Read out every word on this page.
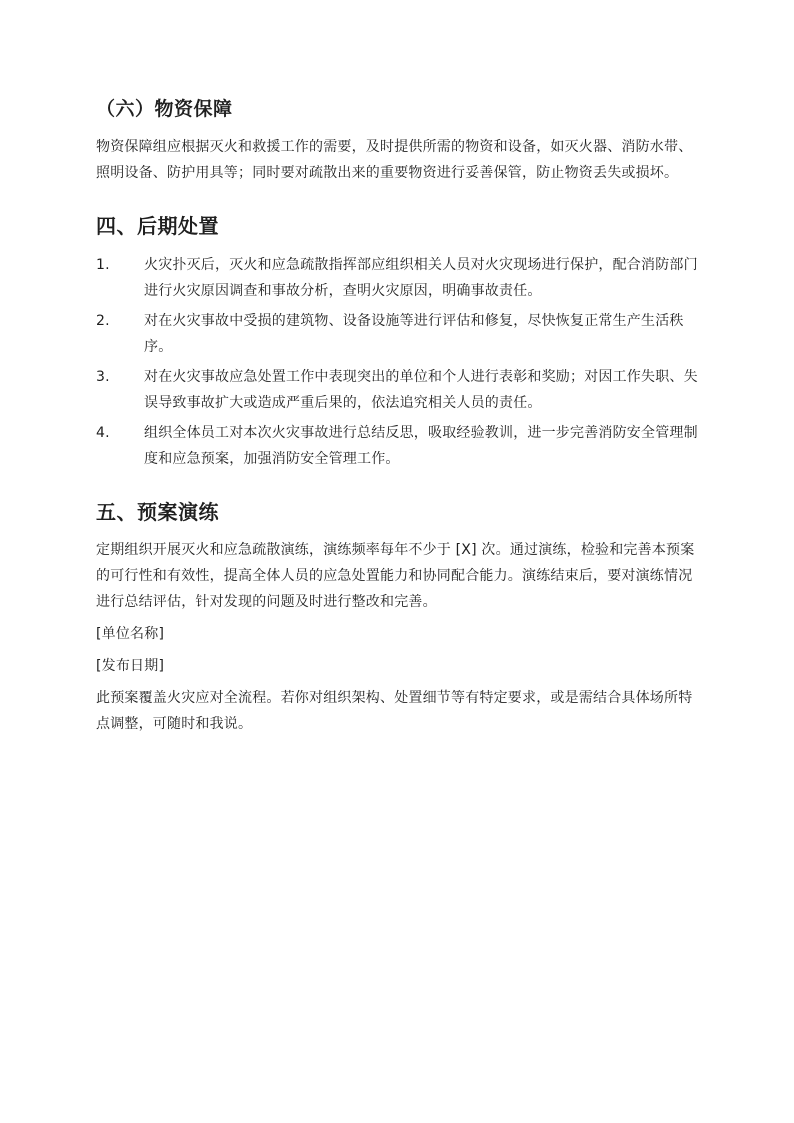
（六）物资保障

物资保障组应根据灭火和救援工作的需要，及时提供所需的物资和设备，如灭火器、消防水带、照明设备、防护用具等；同时要对疏散出来的重要物资进行妥善保管，防止物资丢失或损坏。

四、后期处置
1.	火灾扑灭后，灭火和应急疏散指挥部应组织相关人员对火灾现场进行保护，配合消防部门进行火灾原因调查和事故分析，查明火灾原因，明确事故责任。
2.	对在火灾事故中受损的建筑物、设备设施等进行评估和修复，尽快恢复正常生产生活秩序。
3.	对在火灾事故应急处置工作中表现突出的单位和个人进行表彰和奖励；对因工作失职、失误导致事故扩大或造成严重后果的，依法追究相关人员的责任。
4.	组织全体员工对本次火灾事故进行总结反思，吸取经验教训，进一步完善消防安全管理制度和应急预案，加强消防安全管理工作。
五、预案演练

定期组织开展灭火和应急疏散演练，演练频率每年不少于 [X] 次。通过演练，检验和完善本预案的可行性和有效性，提高全体人员的应急处置能力和协同配合能力。演练结束后，要对演练情况进行总结评估，针对发现的问题及时进行整改和完善。

[单位名称]

[发布日期]

此预案覆盖火灾应对全流程。若你对组织架构、处置细节等有特定要求，或是需结合具体场所特点调整，可随时和我说。
